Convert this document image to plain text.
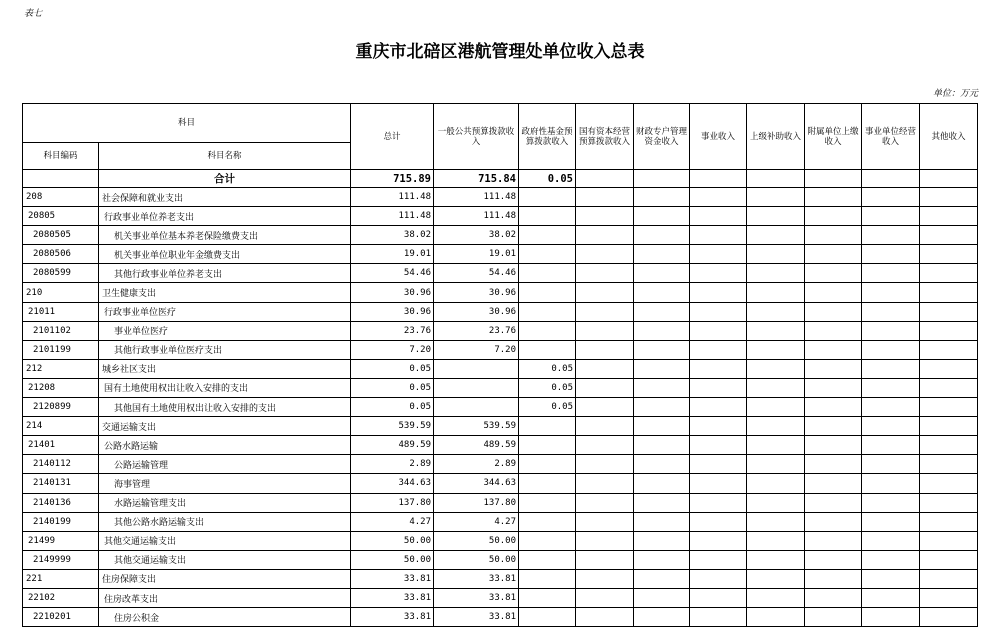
表七
重庆市北碚区港航管理处单位收入总表
单位：万元
科目		总计	一般公共预算拨款收入	政府性基金预算拨款收入	国有资本经营预算拨款收入	财政专户管理资金收入	事业收入	上级补助收入	附属单位上缴收入	事业单位经营收入	其他收入
科目编码	科目名称										
	合计	715.89	715.84	0.05							
208	社会保障和就业支出	111.48	111.48								
20805	行政事业单位养老支出	111.48	111.48								
2080505	机关事业单位基本养老保险缴费支出	38.02	38.02								
2080506	机关事业单位职业年金缴费支出	19.01	19.01								
2080599	其他行政事业单位养老支出	54.46	54.46								
210	卫生健康支出	30.96	30.96								
21011	行政事业单位医疗	30.96	30.96								
2101102	事业单位医疗	23.76	23.76								
2101199	其他行政事业单位医疗支出	7.20	7.20								
212	城乡社区支出	0.05		0.05							
21208	国有土地使用权出让收入安排的支出	0.05		0.05							
2120899	其他国有土地使用权出让收入安排的支出	0.05		0.05							
214	交通运输支出	539.59	539.59								
21401	公路水路运输	489.59	489.59								
2140112	公路运输管理	2.89	2.89								
2140131	海事管理	344.63	344.63								
2140136	水路运输管理支出	137.80	137.80								
2140199	其他公路水路运输支出	4.27	4.27								
21499	其他交通运输支出	50.00	50.00								
2149999	其他交通运输支出	50.00	50.00								
221	住房保障支出	33.81	33.81								
22102	住房改革支出	33.81	33.81								
2210201	住房公积金	33.81	33.81								
